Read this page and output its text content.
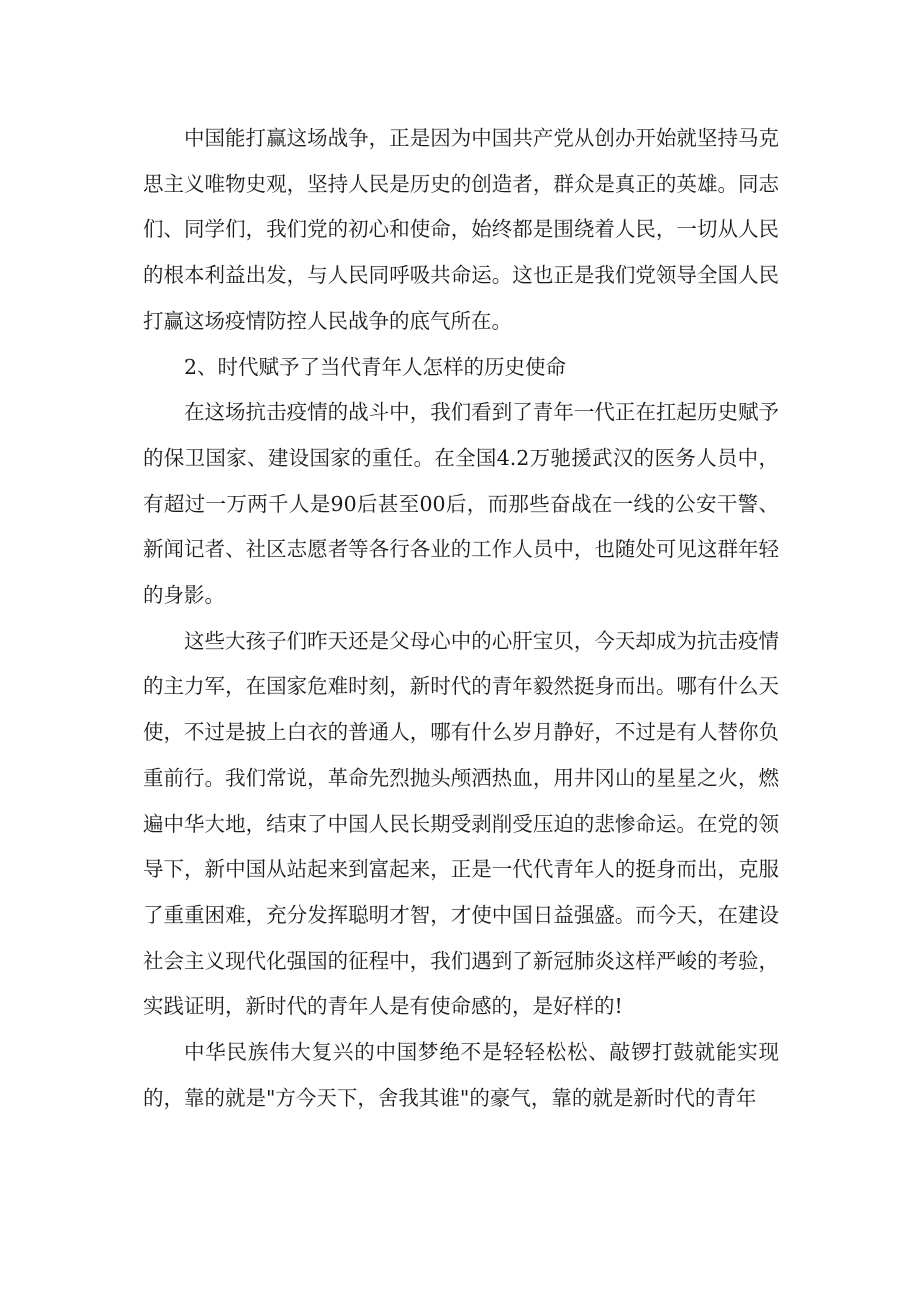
中国能打赢这场战争，正是因为中国共产党从创办开始就坚持马克思主义唯物史观，坚持人民是历史的创造者，群众是真正的英雄。同志们、同学们，我们党的初心和使命，始终都是围绕着人民，一切从人民的根本利益出发，与人民同呼吸共命运。这也正是我们党领导全国人民打赢这场疫情防控人民战争的底气所在。

2、时代赋予了当代青年人怎样的历史使命

在这场抗击疫情的战斗中，我们看到了青年一代正在扛起历史赋予的保卫国家、建设国家的重任。在全国4.2万驰援武汉的医务人员中，有超过一万两千人是90后甚至00后，而那些奋战在一线的公安干警、新闻记者、社区志愿者等各行各业的工作人员中，也随处可见这群年轻的身影。

这些大孩子们昨天还是父母心中的心肝宝贝，今天却成为抗击疫情的主力军，在国家危难时刻，新时代的青年毅然挺身而出。哪有什么天使，不过是披上白衣的普通人，哪有什么岁月静好，不过是有人替你负重前行。我们常说，革命先烈抛头颅洒热血，用井冈山的星星之火，燃遍中华大地，结束了中国人民长期受剥削受压迫的悲惨命运。在党的领导下，新中国从站起来到富起来，正是一代代青年人的挺身而出，克服了重重困难，充分发挥聪明才智，才使中国日益强盛。而今天，在建设社会主义现代化强国的征程中，我们遇到了新冠肺炎这样严峻的考验，实践证明，新时代的青年人是有使命感的，是好样的!

中华民族伟大复兴的中国梦绝不是轻轻松松、敲锣打鼓就能实现的，靠的就是"方今天下，舍我其谁"的豪气，靠的就是新时代的青年
